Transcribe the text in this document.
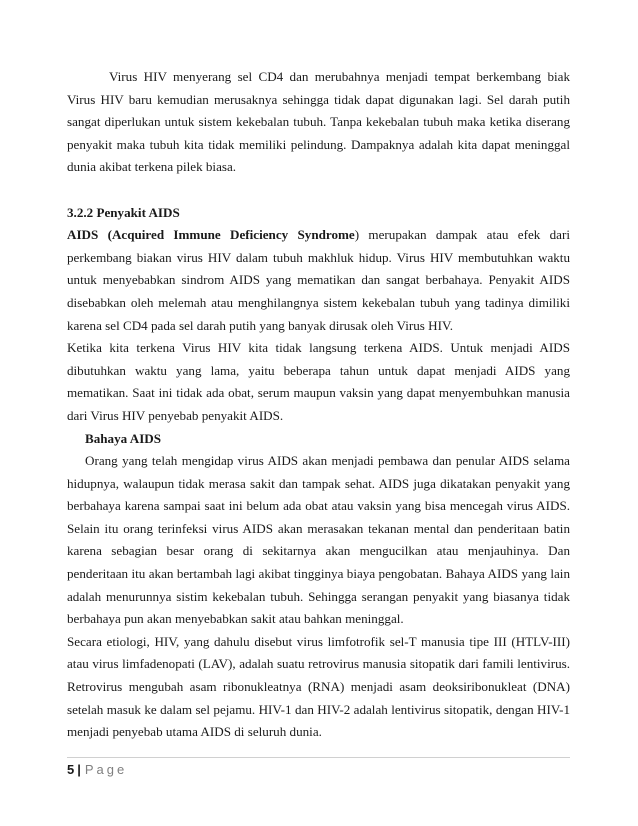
Virus HIV menyerang sel CD4 dan merubahnya menjadi tempat berkembang biak Virus HIV baru kemudian merusaknya sehingga tidak dapat digunakan lagi. Sel darah putih sangat diperlukan untuk sistem kekebalan tubuh. Tanpa kekebalan tubuh maka ketika diserang penyakit maka tubuh kita tidak memiliki pelindung. Dampaknya adalah kita dapat meninggal dunia akibat terkena pilek biasa.

3.2.2 Penyakit AIDS

AIDS (Acquired Immune Deficiency Syndrome) merupakan dampak atau efek dari perkembang biakan virus HIV dalam tubuh makhluk hidup. Virus HIV membutuhkan waktu untuk menyebabkan sindrom AIDS yang mematikan dan sangat berbahaya. Penyakit AIDS disebabkan oleh melemah atau menghilangnya sistem kekebalan tubuh yang tadinya dimiliki karena sel CD4 pada sel darah putih yang banyak dirusak oleh Virus HIV.

Ketika kita terkena Virus HIV kita tidak langsung terkena AIDS. Untuk menjadi AIDS dibutuhkan waktu yang lama, yaitu beberapa tahun untuk dapat menjadi AIDS yang mematikan. Saat ini tidak ada obat, serum maupun vaksin yang dapat menyembuhkan manusia dari Virus HIV penyebab penyakit AIDS.

Bahaya AIDS

Orang yang telah mengidap virus AIDS akan menjadi pembawa dan penular AIDS selama hidupnya, walaupun tidak merasa sakit dan tampak sehat. AIDS juga dikatakan penyakit yang berbahaya karena sampai saat ini belum ada obat atau vaksin yang bisa mencegah virus AIDS. Selain itu orang terinfeksi virus AIDS akan merasakan tekanan mental dan penderitaan batin karena sebagian besar orang di sekitarnya akan mengucilkan atau menjauhinya. Dan penderitaan itu akan bertambah lagi akibat tingginya biaya pengobatan. Bahaya AIDS yang lain adalah menurunnya sistim kekebalan tubuh. Sehingga serangan penyakit yang biasanya tidak berbahaya pun akan menyebabkan sakit atau bahkan meninggal.

Secara etiologi, HIV, yang dahulu disebut virus limfotrofik sel-T manusia tipe III (HTLV-III) atau virus limfadenopati (LAV), adalah suatu retrovirus manusia sitopatik dari famili lentivirus. Retrovirus mengubah asam ribonukleatnya (RNA) menjadi asam deoksiribonukleat (DNA) setelah masuk ke dalam sel pejamu. HIV-1 dan HIV-2 adalah lentivirus sitopatik, dengan HIV-1 menjadi penyebab utama AIDS di seluruh dunia.

5 | Page
